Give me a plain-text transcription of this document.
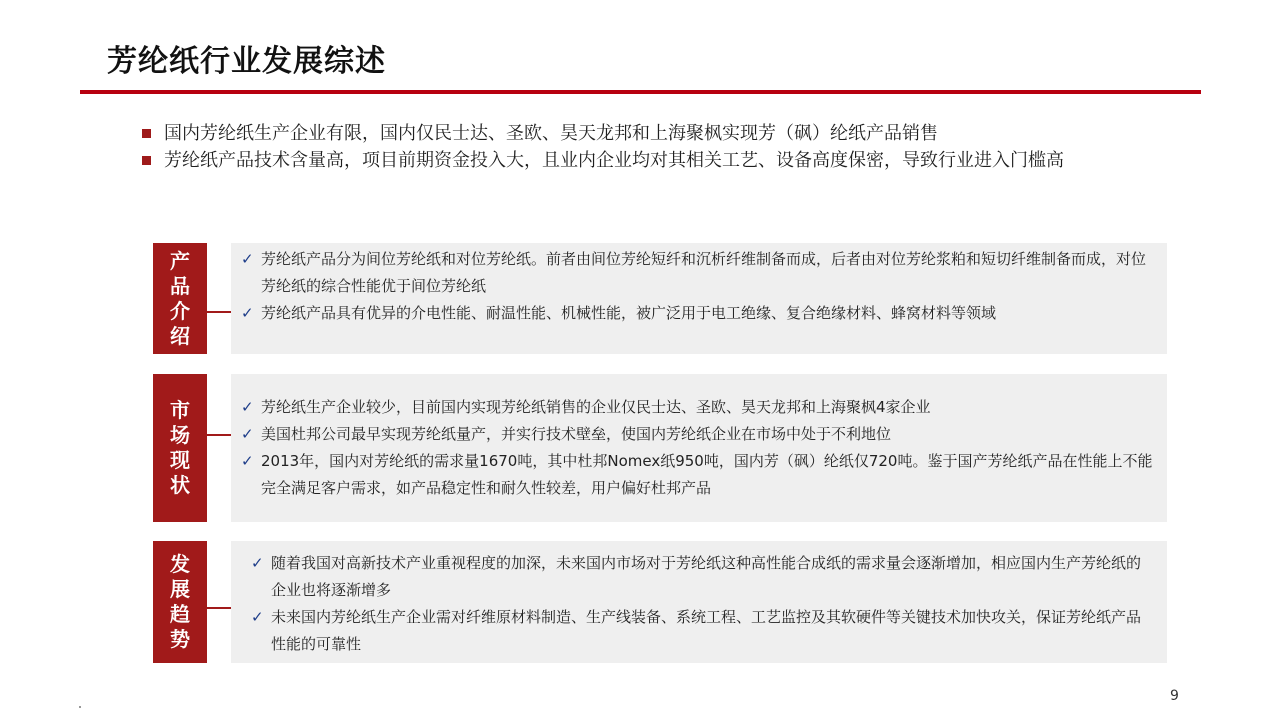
芳纶纸行业发展综述
国内芳纶纸生产企业有限，国内仅民士达、圣欧、昊天龙邦和上海聚枫实现芳（砜）纶纸产品销售
芳纶纸产品技术含量高，项目前期资金投入大，且业内企业均对其相关工艺、设备高度保密，导致行业进入门槛高
产品介绍
✓ 芳纶纸产品分为间位芳纶纸和对位芳纶纸。前者由间位芳纶短纤和沉析纤维制备而成，后者由对位芳纶浆粕和短切纤维制备而成，对位芳纶纸的综合性能优于间位芳纶纸
✓ 芳纶纸产品具有优异的介电性能、耐温性能、机械性能，被广泛用于电工绝缘、复合绝缘材料、蜂窝材料等领域
市场现状
✓ 芳纶纸生产企业较少，目前国内实现芳纶纸销售的企业仅民士达、圣欧、昊天龙邦和上海聚枫4家企业
✓ 美国杜邦公司最早实现芳纶纸量产，并实行技术壁垒，使国内芳纶纸企业在市场中处于不利地位
✓ 2013年，国内对芳纶纸的需求量1670吨，其中杜邦Nomex纸950吨，国内芳（砜）纶纸仅720吨。鉴于国产芳纶纸产品在性能上不能完全满足客户需求，如产品稳定性和耐久性较差，用户偏好杜邦产品
发展趋势
✓ 随着我国对高新技术产业重视程度的加深，未来国内市场对于芳纶纸这种高性能合成纸的需求量会逐渐增加，相应国内生产芳纶纸的企业也将逐渐增多
✓ 未来国内芳纶纸生产企业需对纤维原材料制造、生产线装备、系统工程、工艺监控及其软硬件等关键技术加快攻关，保证芳纶纸产品性能的可靠性
9
